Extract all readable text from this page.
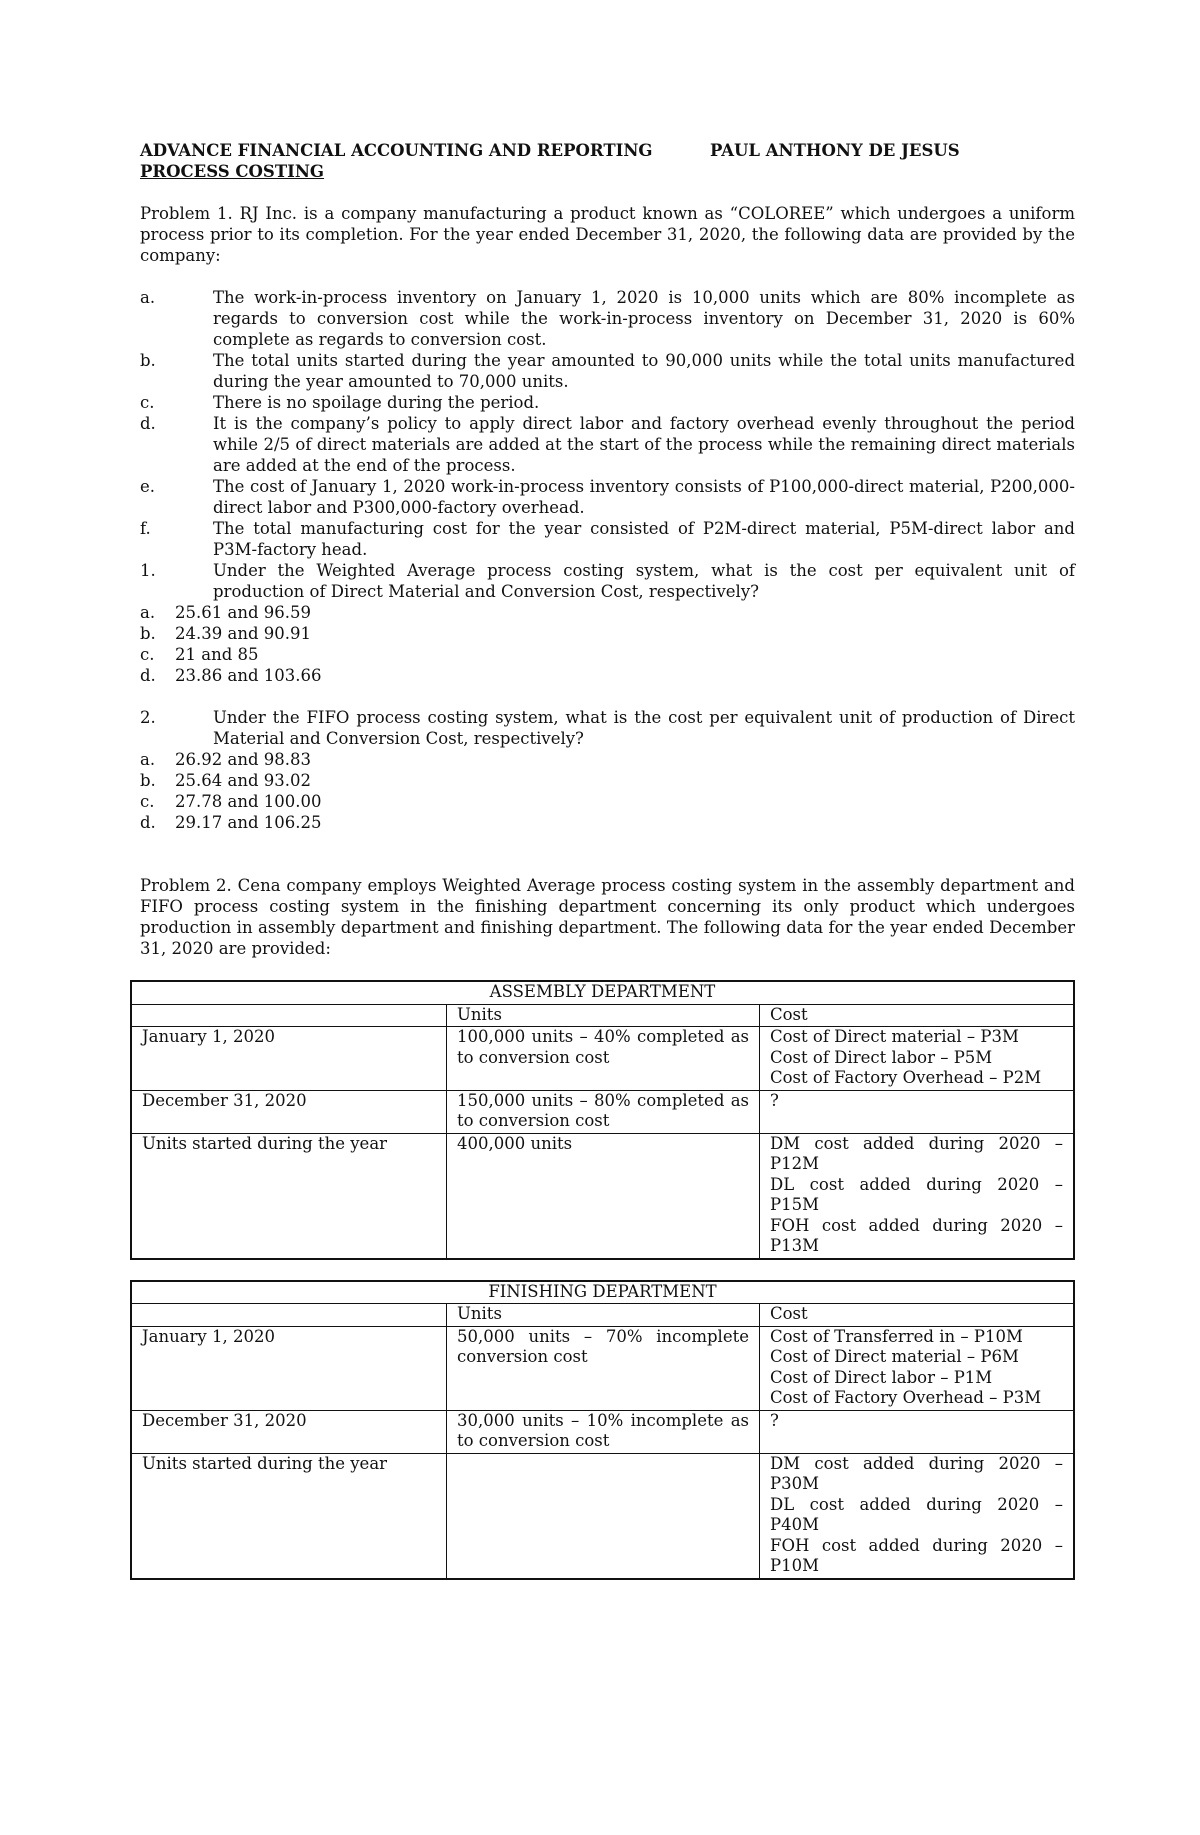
ADVANCE FINANCIAL ACCOUNTING AND REPORTING	PAUL ANTHONY DE JESUS
PROCESS COSTING

Problem 1. RJ Inc. is a company manufacturing a product known as “COLOREE” which undergoes a uniform process prior to its completion. For the year ended December 31, 2020, the following data are provided by the company:

a.	The work-in-process inventory on January 1, 2020 is 10,000 units which are 80% incomplete as regards to conversion cost while the work-in-process inventory on December 31, 2020 is 60% complete as regards to conversion cost.
b.	The total units started during the year amounted to 90,000 units while the total units manufactured during the year amounted to 70,000 units.
c.	There is no spoilage during the period.
d.	It is the company’s policy to apply direct labor and factory overhead evenly throughout the period while 2/5 of direct materials are added at the start of the process while the remaining direct materials are added at the end of the process.
e.	The cost of January 1, 2020 work-in-process inventory consists of P100,000-direct material, P200,000-direct labor and P300,000-factory overhead.
f.	The total manufacturing cost for the year consisted of P2M-direct material, P5M-direct labor and P3M-factory head.
1.	Under the Weighted Average process costing system, what is the cost per equivalent unit of production of Direct Material and Conversion Cost, respectively?
a.	25.61 and 96.59
b.	24.39 and 90.91
c.	21 and 85
d.	23.86 and 103.66
2.	Under the FIFO process costing system, what is the cost per equivalent unit of production of Direct Material and Conversion Cost, respectively?
a.	26.92 and 98.83
b.	25.64 and 93.02
c.	27.78 and 100.00
d.	29.17 and 106.25

Problem 2. Cena company employs Weighted Average process costing system in the assembly department and FIFO process costing system in the finishing department concerning its only product which undergoes production in assembly department and finishing department. The following data for the year ended December 31, 2020 are provided:

ASSEMBLY DEPARTMENT		
	Units	Cost
January 1, 2020	100,000 units – 40% completed as to conversion cost	Cost of Direct material – P3M
Cost of Direct labor – P5M
Cost of Factory Overhead – P2M

December 31, 2020	150,000 units – 80% completed as to conversion cost	?

Units started during the year	400,000 units	DM cost added during 2020 – P12M
DL cost added during 2020 – P15M
FOH cost added during 2020 – P13M
FINISHING DEPARTMENT		
	Units	Cost
January 1, 2020	50,000 units – 70% incomplete conversion cost	Cost of Transferred in – P10M
Cost of Direct material – P6M
Cost of Direct labor – P1M
Cost of Factory Overhead – P3M

December 31, 2020	30,000 units – 10% incomplete as to conversion cost	?

Units started during the year		DM cost added during 2020 – P30M
DL cost added during 2020 – P40M
FOH cost added during 2020 – P10M
